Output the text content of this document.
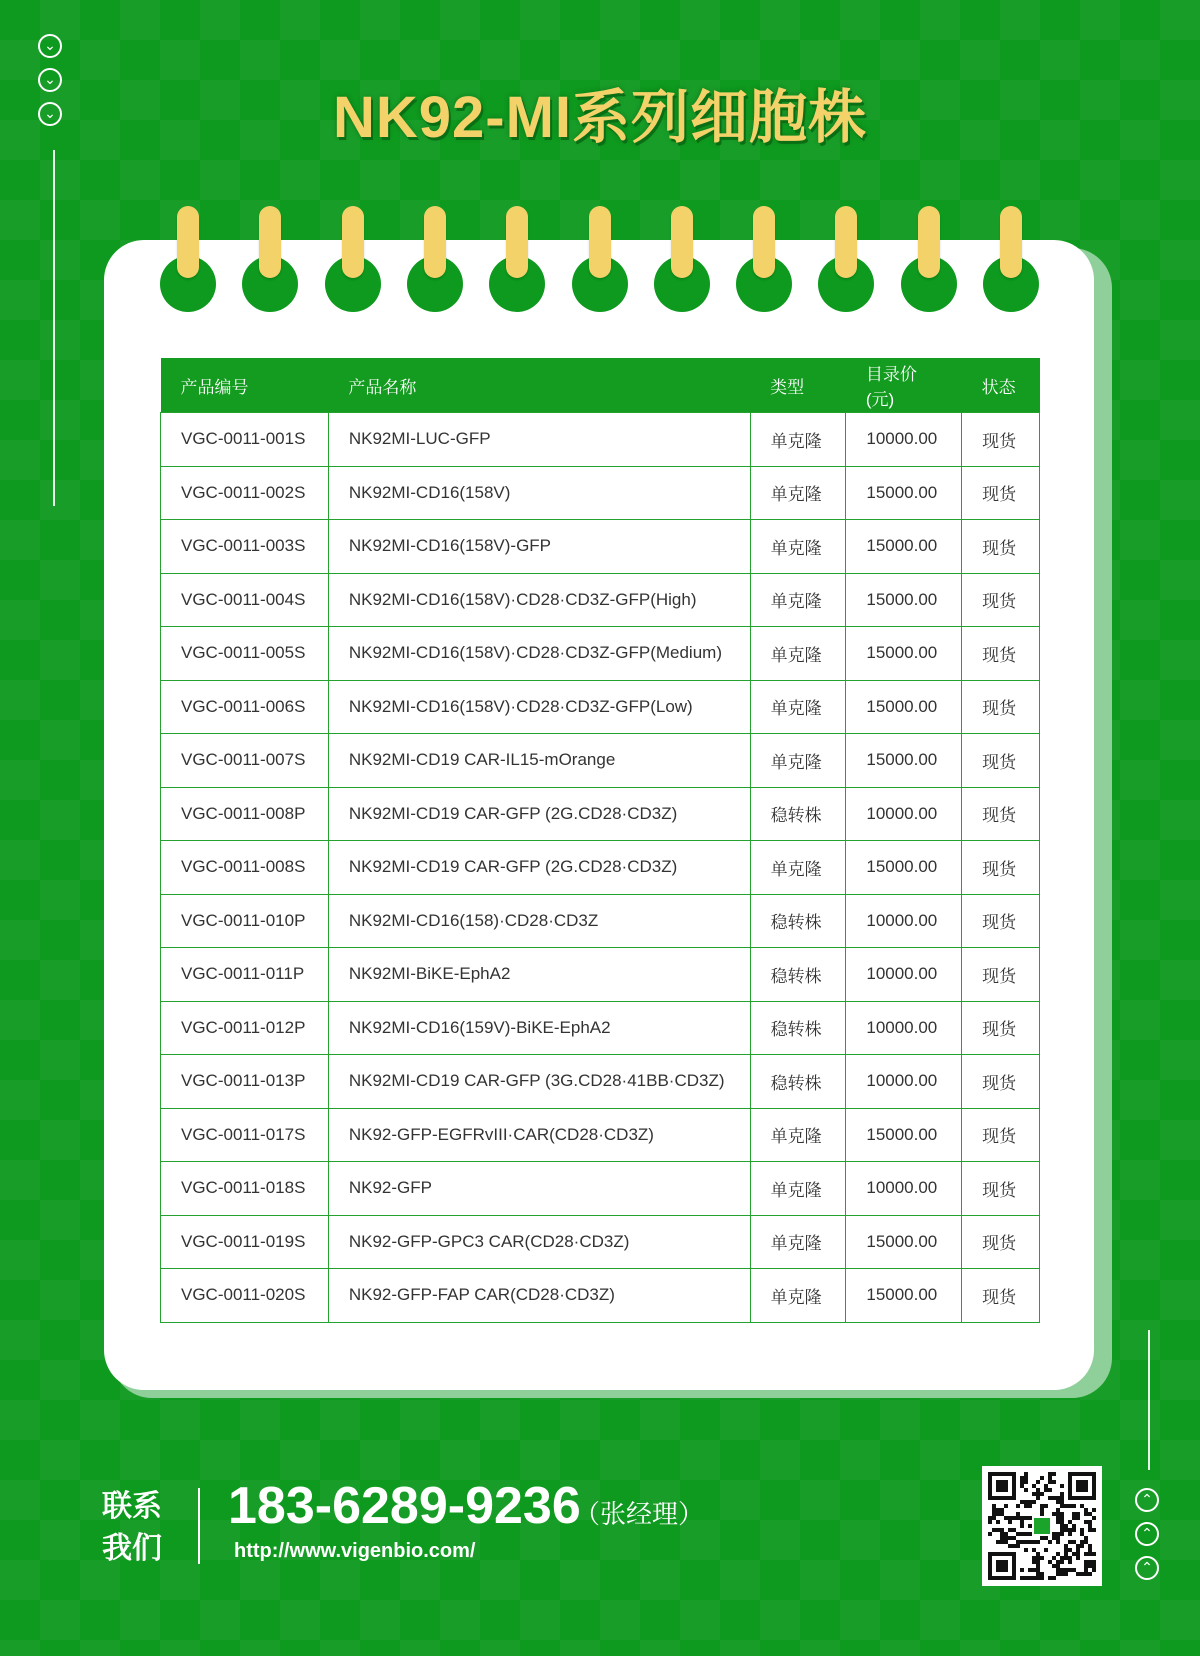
⌄
⌄
⌄	NK92-MI系列细胞株
产品编号	产品名称	类型	目录价(元)	状态
VGC-0011-001S	NK92MI-LUC-GFP	单克隆	10000.00	现货
VGC-0011-002S	NK92MI-CD16(158V)	单克隆	15000.00	现货
VGC-0011-003S	NK92MI-CD16(158V)-GFP	单克隆	15000.00	现货
VGC-0011-004S	NK92MI-CD16(158V)·CD28·CD3Z-GFP(High)	单克隆	15000.00	现货
VGC-0011-005S	NK92MI-CD16(158V)·CD28·CD3Z-GFP(Medium)	单克隆	15000.00	现货
VGC-0011-006S	NK92MI-CD16(158V)·CD28·CD3Z-GFP(Low)	单克隆	15000.00	现货
VGC-0011-007S	NK92MI-CD19 CAR-IL15-mOrange	单克隆	15000.00	现货
VGC-0011-008P	NK92MI-CD19 CAR-GFP (2G.CD28·CD3Z)	稳转株	10000.00	现货
VGC-0011-008S	NK92MI-CD19 CAR-GFP (2G.CD28·CD3Z)	单克隆	15000.00	现货
VGC-0011-010P	NK92MI-CD16(158)·CD28·CD3Z	稳转株	10000.00	现货
VGC-0011-011P	NK92MI-BiKE-EphA2	稳转株	10000.00	现货
VGC-0011-012P	NK92MI-CD16(159V)-BiKE-EphA2	稳转株	10000.00	现货
VGC-0011-013P	NK92MI-CD19 CAR-GFP (3G.CD28·41BB·CD3Z)	稳转株	10000.00	现货
VGC-0011-017S	NK92-GFP-EGFRvIII·CAR(CD28·CD3Z)	单克隆	15000.00	现货
VGC-0011-018S	NK92-GFP	单克隆	10000.00	现货
VGC-0011-019S	NK92-GFP-GPC3 CAR(CD28·CD3Z)	单克隆	15000.00	现货
VGC-0011-020S	NK92-GFP-FAP CAR(CD28·CD3Z)	单克隆	15000.00	现货
联系
我们
183-6289-9236
（张经理）
http://www.vigenbio.com/
⌃
⌃
⌃
